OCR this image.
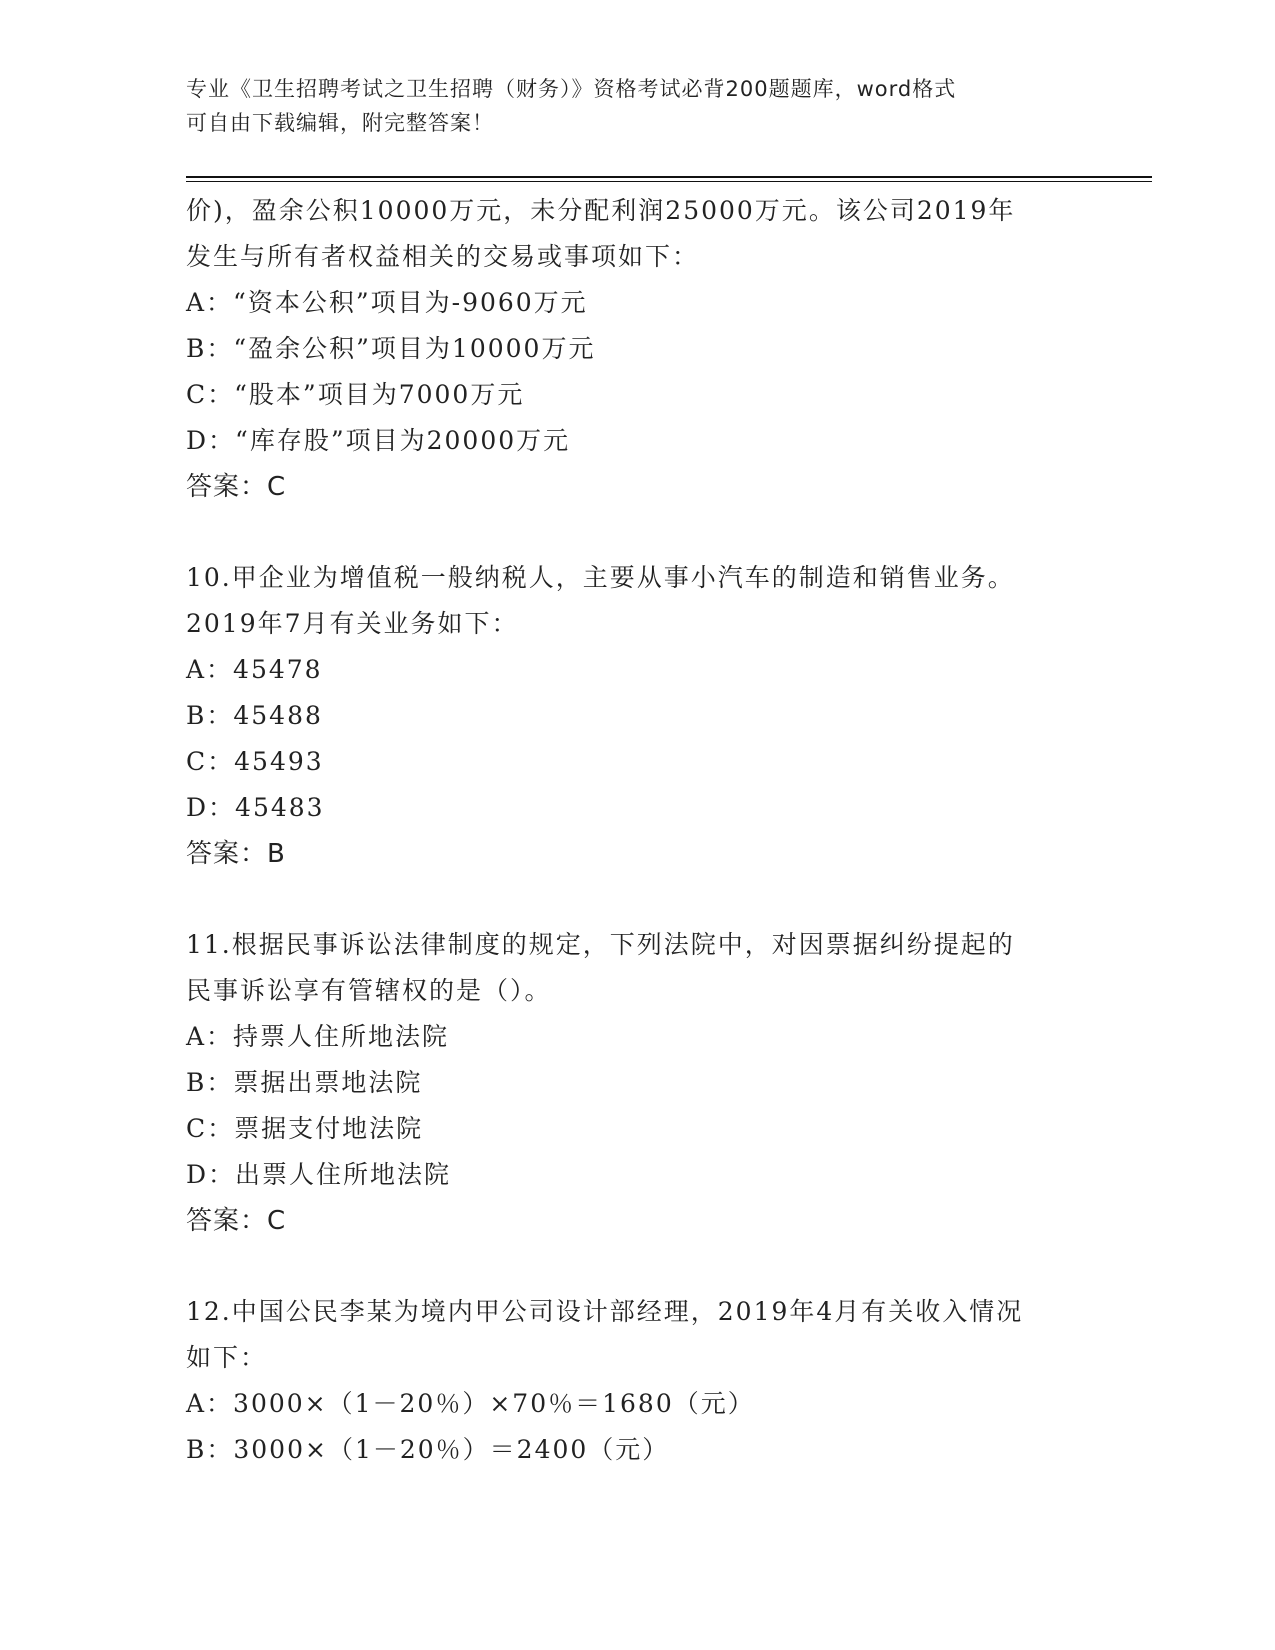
专业《卫生招聘考试之卫生招聘（财务）》资格考试必背200题题库，word格式
可自由下载编辑，附完整答案！
价)，盈余公积10000万元，未分配利润25000万元。该公司2019年
发生与所有者权益相关的交易或事项如下：
A：“资本公积”项目为-9060万元
B：“盈余公积”项目为10000万元
C：“股本”项目为7000万元
D：“库存股”项目为20000万元
答案：C
10.甲企业为增值税一般纳税人，主要从事小汽车的制造和销售业务。
2019年7月有关业务如下：
A：45478
B：45488
C：45493
D：45483
答案：B
11.根据民事诉讼法律制度的规定，下列法院中，对因票据纠纷提起的
民事诉讼享有管辖权的是（）。
A：持票人住所地法院
B：票据出票地法院
C：票据支付地法院
D：出票人住所地法院
答案：C
12.中国公民李某为境内甲公司设计部经理，2019年4月有关收入情况
如下：
A：3000×（1－20％）×70％＝1680（元）
B：3000×（1－20％）＝2400（元）
